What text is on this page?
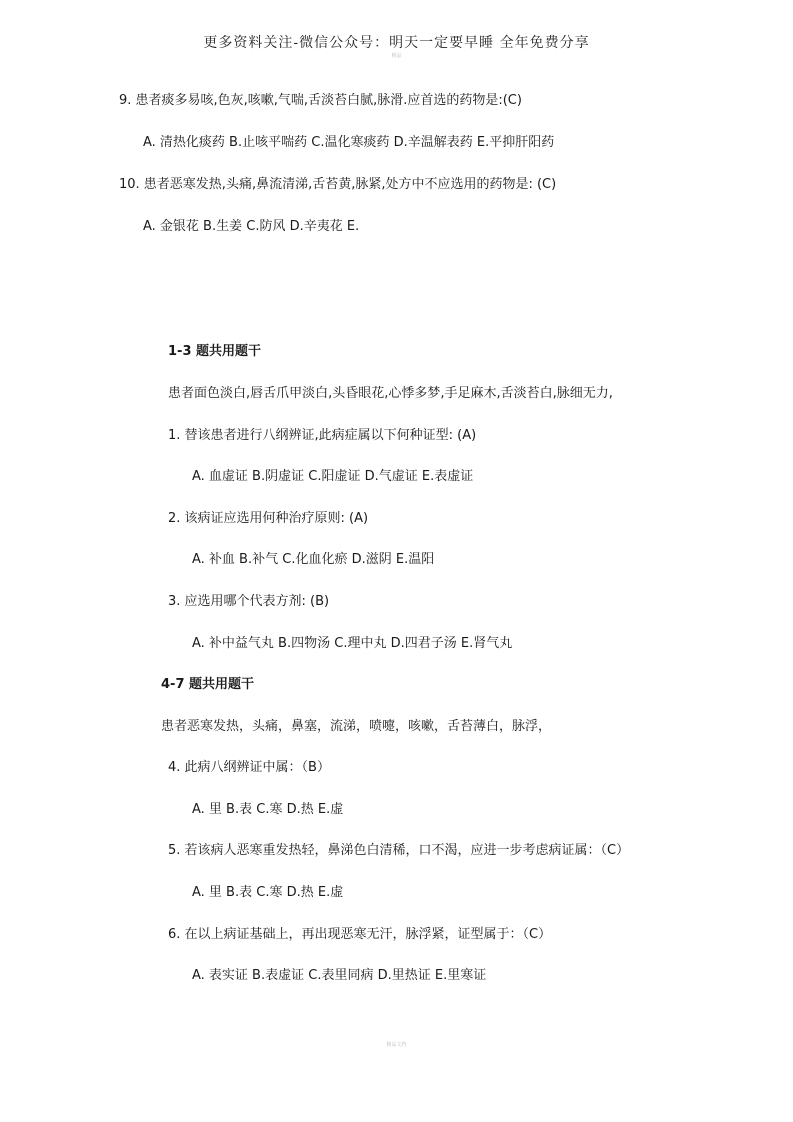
更多资料关注-微信公众号：明天一定要早睡 全年免费分享
精品
9. 患者痰多易咳,色灰,咳嗽,气喘,舌淡苔白腻,脉滑.应首选的药物是:(C)
A. 清热化痰药 B.止咳平喘药 C.温化寒痰药 D.辛温解表药 E.平抑肝阳药
10. 患者恶寒发热,头痛,鼻流清涕,舌苔黄,脉紧,处方中不应选用的药物是: (C)
A. 金银花 B.生姜 C.防风 D.辛夷花 E.
1-3 题共用题干
患者面色淡白,唇舌爪甲淡白,头昏眼花,心悸多梦,手足麻木,舌淡苔白,脉细无力,
1. 替该患者进行八纲辨证,此病症属以下何种证型: (A)
A. 血虚证 B.阴虚证 C.阳虚证 D.气虚证 E.表虚证
2. 该病证应选用何种治疗原则: (A)
A. 补血 B.补气 C.化血化瘀 D.滋阴 E.温阳
3. 应选用哪个代表方剂: (B)
A. 补中益气丸 B.四物汤 C.理中丸 D.四君子汤 E.肾气丸
4-7 题共用题干
患者恶寒发热，头痛，鼻塞，流涕，喷嚏，咳嗽，舌苔薄白，脉浮，
4. 此病八纲辨证中属：（B）
A. 里 B.表 C.寒 D.热 E.虚
5. 若该病人恶寒重发热轻，鼻涕色白清稀，口不渴，应进一步考虑病证属：（C）
A. 里 B.表 C.寒 D.热 E.虚
6. 在以上病证基础上，再出现恶寒无汗，脉浮紧，证型属于：（C）
A. 表实证 B.表虚证 C.表里同病 D.里热证 E.里寒证
精品文档
